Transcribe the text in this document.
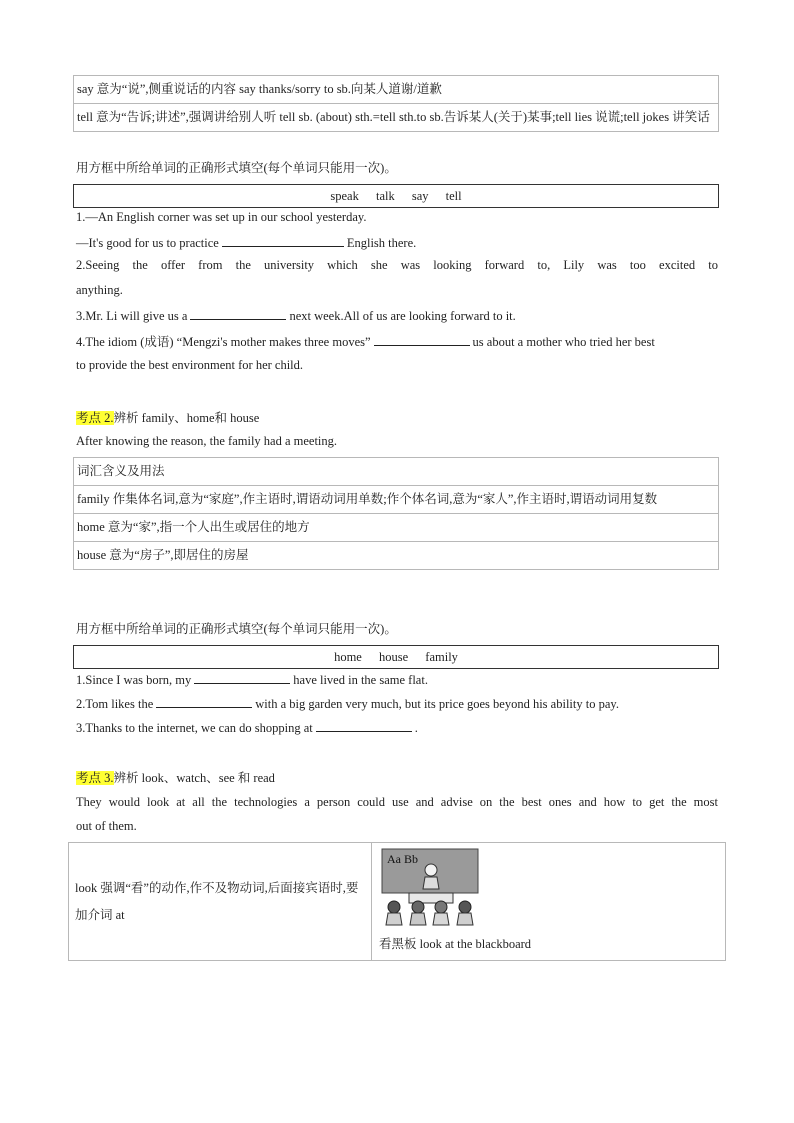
say 意为“说”,侧重说话的内容 say thanks/sorry to sb.向某人道谢/道歉
tell 意为“告诉;讲述”,强调讲给别人听 tell sb. (about) sth.=tell sth.to sb.告诉某人(关于)某事;tell lies 说谎;tell jokes 讲笑话
用方框中所给单词的正确形式填空(每个单词只能用一次)。
speak talk say tell
1.—An English corner was set up in our school yesterday.
—It's good for us to practice	English there.
2.Seeing the offer from the university which she was looking forward to, Lily was too excited to
anything.
3.Mr. Li will give us a	next week.All of us are looking forward to it.
4.The idiom (成语) “Mengzi's mother makes three moves”	us about a mother who tried her best
to provide the best environment for her child.
考点 2.辨析 family、home和 house
After knowing the reason, the family had a meeting.
词汇含义及用法
family 作集体名词,意为“家庭”,作主语时,谓语动词用单数;作个体名词,意为“家人”,作主语时,谓语动词用复数
home 意为“家”,指一个人出生或居住的地方
house 意为“房子”,即居住的房屋
用方框中所给单词的正确形式填空(每个单词只能用一次)。
home house family
1.Since I was born, my	have lived in the same flat.
2.Tom likes the	with a big garden very much, but its price goes beyond his ability to pay.
3.Thanks to the internet, we can do shopping at	.
考点 3.辨析 look、watch、see 和 read
They would look at all the technologies a person could use and advise on the best ones and how to get the most
out of them.
look 强调“看”的动作,作不及物动词,后面接宾语时,要加介词 at	
Aa Bb
看黑板 look at the blackboard
